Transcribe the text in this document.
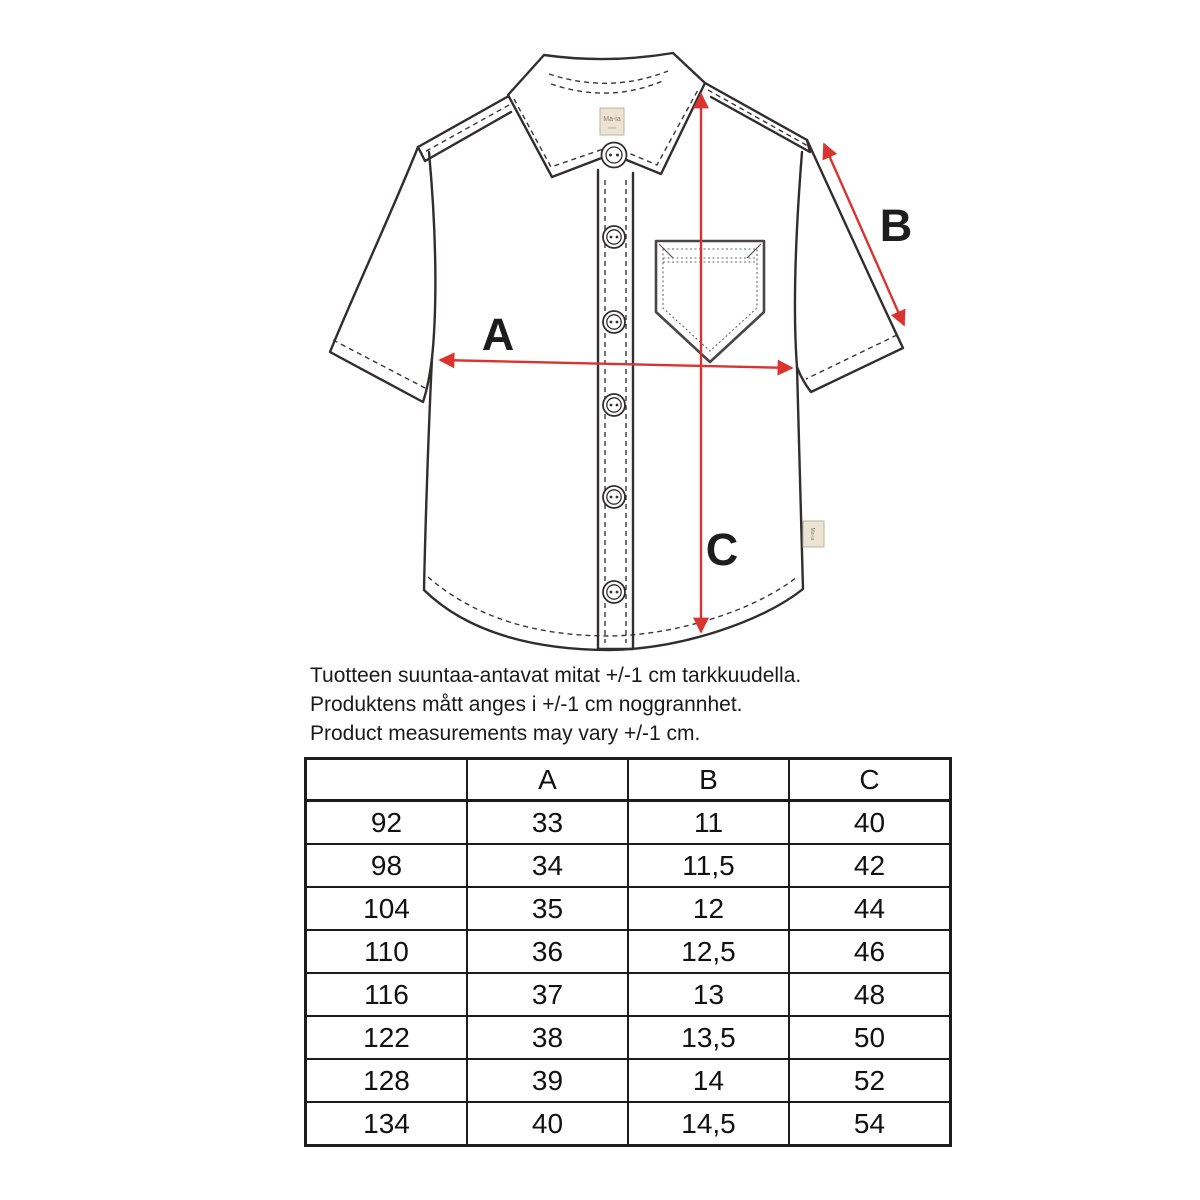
Ma-ia
Ma-ia
A
B
C

Tuotteen suuntaa-antavat mitat +/-1 cm tarkkuudella.

Produktens mått anges i +/-1 cm noggrannhet.

Product measurements may vary +/-1 cm.

	A	B	C
92	33	11	40
98	34	11,5	42
104	35	12	44
110	36	12,5	46
116	37	13	48
122	38	13,5	50
128	39	14	52
134	40	14,5	54
